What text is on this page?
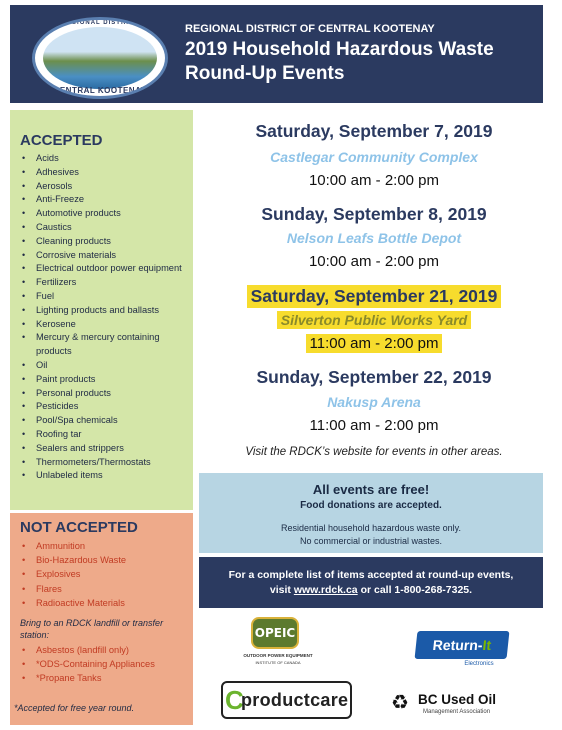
REGIONAL DISTRICT
CENTRAL KOOTENAY
REGIONAL DISTRICT OF CENTRAL KOOTENAY
2019 Household Hazardous Waste
Round-Up Events
ACCEPTED
• Acids
• Adhesives
• Aerosols
• Anti-Freeze
• Automotive products
• Caustics
• Cleaning products
• Corrosive materials
• Electrical outdoor power equipment
• Fertilizers
• Fuel
• Lighting products and ballasts
• Kerosene
• Mercury & mercury containing products
• Oil
• Paint products
• Personal products
• Pesticides
• Pool/Spa chemicals
• Roofing tar
• Sealers and strippers
• Thermometers/Thermostats
• Unlabeled items
NOT ACCEPTED
• Ammunition
• Bio-Hazardous Waste
• Explosives
• Flares
• Radioactive Materials
Bring to an RDCK landfill or transfer station:
• Asbestos (landfill only)
• *ODS-Containing Appliances
• *Propane Tanks
*Accepted for free year round.
Saturday, September 7, 2019
Castlegar Community Complex
10:00 am - 2:00 pm
Sunday, September 8, 2019
Nelson Leafs Bottle Depot
10:00 am - 2:00 pm
Saturday, September 21, 2019
Silverton Public Works Yard
11:00 am - 2:00 pm
Sunday, September 22, 2019
Nakusp Arena
11:00 am - 2:00 pm
Visit the RDCK’s website for events in other areas.
All events are free!
Food donations are accepted.
Residential household hazardous waste only.
No commercial or industrial wastes.
For a complete list of items accepted at round-up events,
visit www.rdck.ca or call 1-800-268-7325.
OPEIC
OUTDOOR POWER EQUIPMENT
INSTITUTE OF CANADA
Return-It
Electronics
C
productcare ♻ BC Used Oil
Management Association
